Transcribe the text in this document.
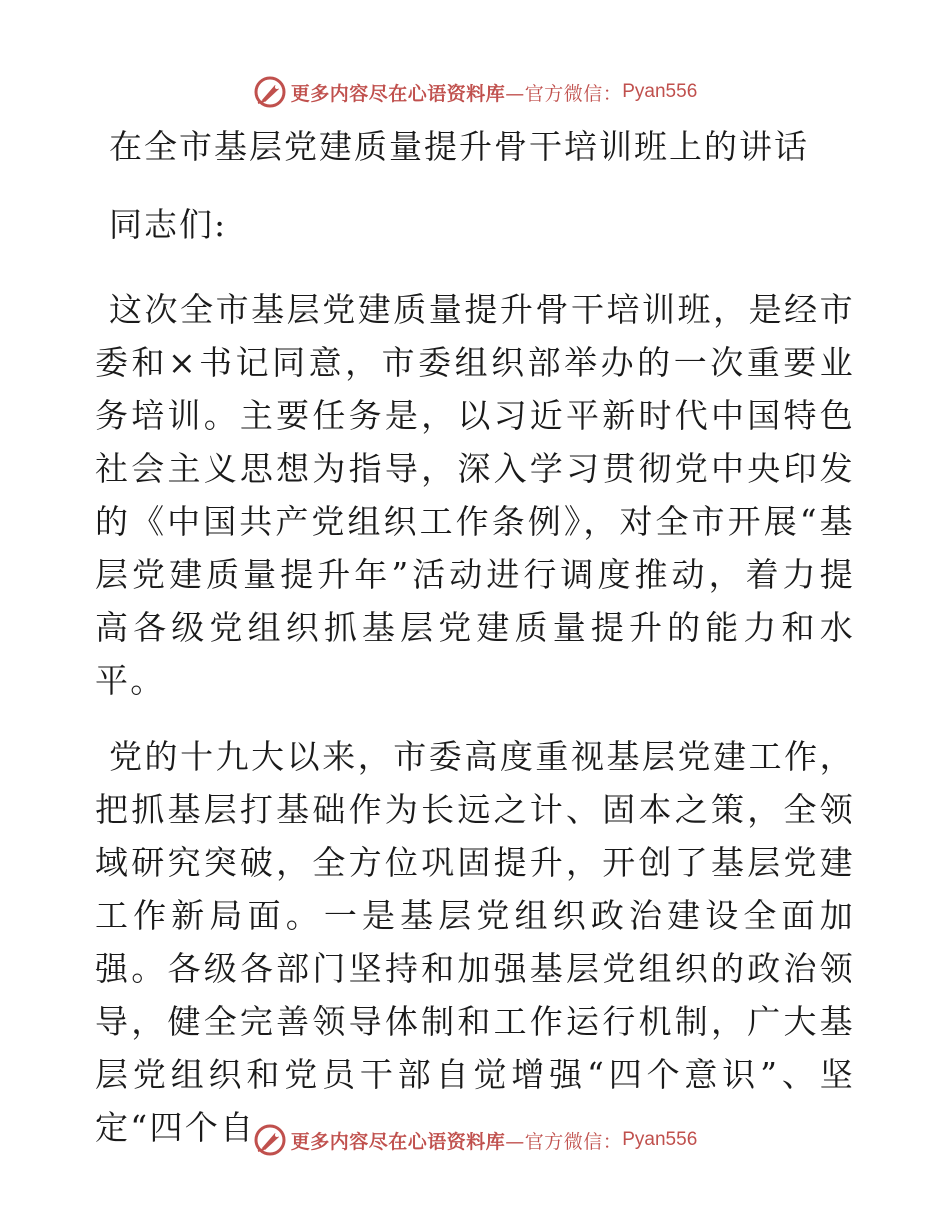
更多内容尽在心语资料库 —官方微信： Pyan556
在全市基层党建质量提升骨干培训班上的讲话

同志们:

这次全市基层党建质量提升骨干培训班，是经市委和×书记同意，市委组织部举办的一次重要业务培训。主要任务是，以习近平新时代中国特色社会主义思想为指导，深入学习贯彻党中央印发的《中国共产党组织工作条例》，对全市开展“基层党建质量提升年”活动进行调度推动，着力提高各级党组织抓基层党建质量提升的能力和水平。

党的十九大以来，市委高度重视基层党建工作，把抓基层打基础作为长远之计、固本之策，全领域研究突破，全方位巩固提升，开创了基层党建工作新局面。一是基层党组织政治建设全面加强。各级各部门坚持和加强基层党组织的政治领导，健全完善领导体制和工作运行机制，广大基层党组织和党员干部自觉增强“四个意识”、坚定“四个自	更多内容尽在心语资料库 —官方微信： Pyan556
